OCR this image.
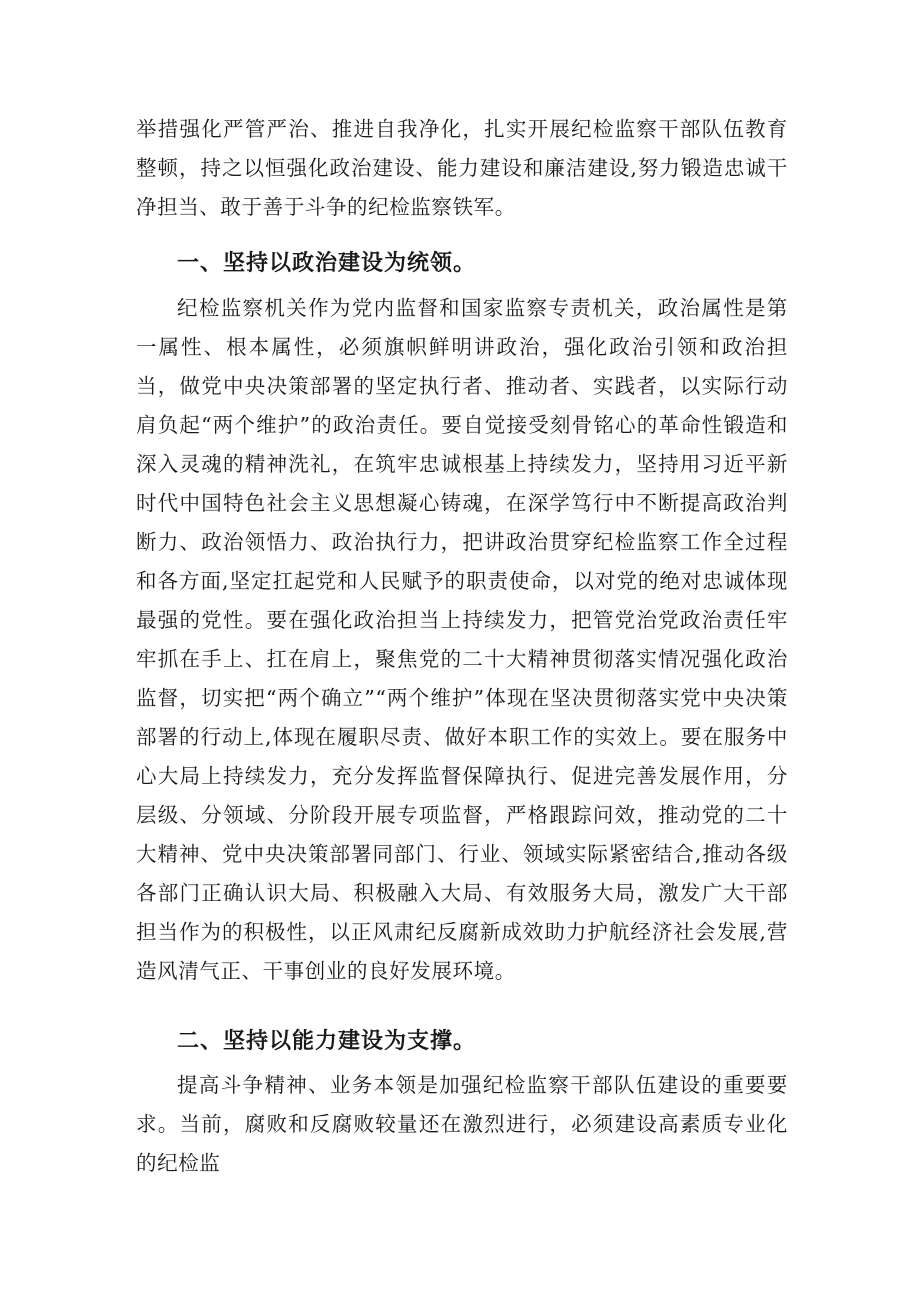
举措强化严管严治、推进自我净化，扎实开展纪检监察干部队伍教育整顿，持之以恒强化政治建设、能力建设和廉洁建设,努力锻造忠诚干净担当、敢于善于斗争的纪检监察铁军。

一、坚持以政治建设为统领。

纪检监察机关作为党内监督和国家监察专责机关，政治属性是第一属性、根本属性，必须旗帜鲜明讲政治，强化政治引领和政治担当，做党中央决策部署的坚定执行者、推动者、实践者，以实际行动肩负起“两个维护”的政治责任。要自觉接受刻骨铭心的革命性锻造和深入灵魂的精神洗礼，在筑牢忠诚根基上持续发力，坚持用习近平新时代中国特色社会主义思想凝心铸魂，在深学笃行中不断提高政治判断力、政治领悟力、政治执行力，把讲政治贯穿纪检监察工作全过程和各方面,坚定扛起党和人民赋予的职责使命，以对党的绝对忠诚体现最强的党性。要在强化政治担当上持续发力，把管党治党政治责任牢牢抓在手上、扛在肩上，聚焦党的二十大精神贯彻落实情况强化政治监督，切实把“两个确立”“两个维护”体现在坚决贯彻落实党中央决策部署的行动上,体现在履职尽责、做好本职工作的实效上。要在服务中心大局上持续发力，充分发挥监督保障执行、促进完善发展作用，分层级、分领域、分阶段开展专项监督，严格跟踪问效，推动党的二十大精神、党中央决策部署同部门、行业、领域实际紧密结合,推动各级各部门正确认识大局、积极融入大局、有效服务大局，激发广大干部担当作为的积极性，以正风肃纪反腐新成效助力护航经济社会发展,营造风清气正、干事创业的良好发展环境。

二、坚持以能力建设为支撑。

提高斗争精神、业务本领是加强纪检监察干部队伍建设的重要要求。当前，腐败和反腐败较量还在激烈进行，必须建设高素质专业化的纪检监
